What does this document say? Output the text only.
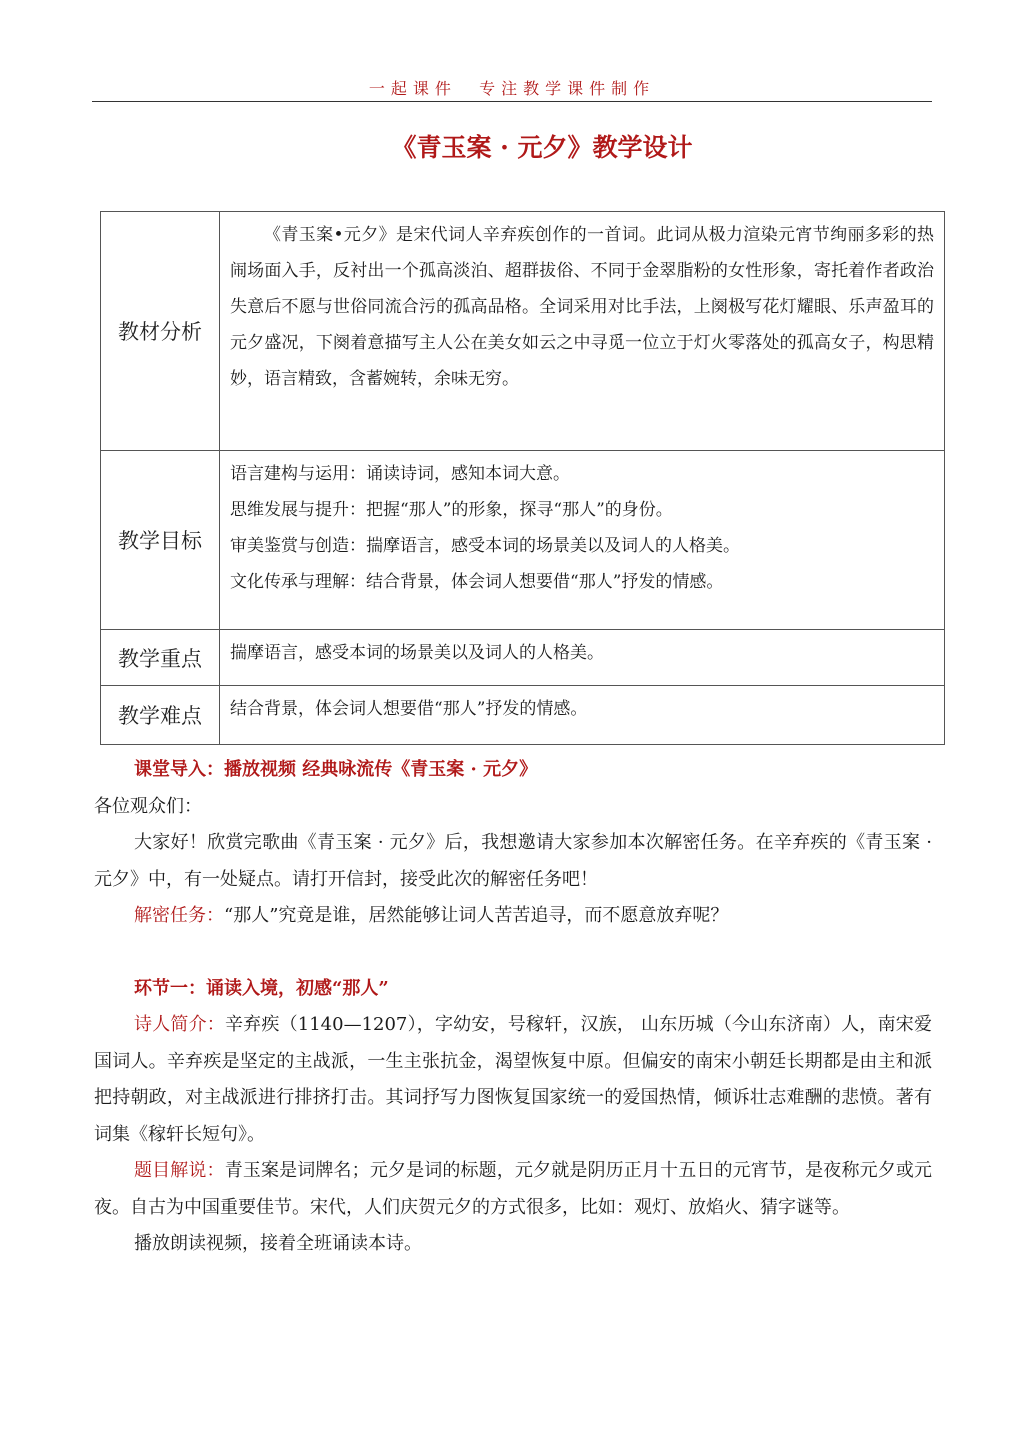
一起课件  专注教学课件制作
《青玉案 · 元夕》教学设计
教材分析	《青玉案•元夕》是宋代词人辛弃疾创作的一首词。此词从极力渲染元宵节绚丽多彩的热闹场面入手，反衬出一个孤高淡泊、超群拔俗、不同于金翠脂粉的女性形象，寄托着作者政治失意后不愿与世俗同流合污的孤高品格。全词采用对比手法，上阕极写花灯耀眼、乐声盈耳的元夕盛况，下阕着意描写主人公在美女如云之中寻觅一位立于灯火零落处的孤高女子，构思精妙，语言精致，含蓄婉转，余味无穷。
教学目标	语言建构与运用：诵读诗词，感知本词大意。
思维发展与提升：把握“那人”的形象，探寻“那人”的身份。
审美鉴赏与创造：揣摩语言，感受本词的场景美以及词人的人格美。
文化传承与理解：结合背景，体会词人想要借“那人”抒发的情感。

教学重点	揣摩语言，感受本词的场景美以及词人的人格美。
教学难点	结合背景，体会词人想要借“那人”抒发的情感。

课堂导入：播放视频 经典咏流传《青玉案 · 元夕》

各位观众们：

大家好！欣赏完歌曲《青玉案 · 元夕》后，我想邀请大家参加本次解密任务。在辛弃疾的《青玉案 · 元夕》中，有一处疑点。请打开信封，接受此次的解密任务吧！

解密任务：“那人”究竟是谁，居然能够让词人苦苦追寻，而不愿意放弃呢？

环节一：诵读入境，初感“那人”

诗人简介：辛弃疾（1140—1207），字幼安，号稼轩，汉族， 山东历城（今山东济南）人，南宋爱国词人。辛弃疾是坚定的主战派，一生主张抗金，渴望恢复中原。但偏安的南宋小朝廷长期都是由主和派把持朝政，对主战派进行排挤打击。其词抒写力图恢复国家统一的爱国热情，倾诉壮志难酬的悲愤。著有词集《稼轩长短句》。

题目解说：青玉案是词牌名；元夕是词的标题，元夕就是阴历正月十五日的元宵节，是夜称元夕或元夜。自古为中国重要佳节。宋代，人们庆贺元夕的方式很多，比如：观灯、放焰火、猜字谜等。

播放朗读视频，接着全班诵读本诗。
